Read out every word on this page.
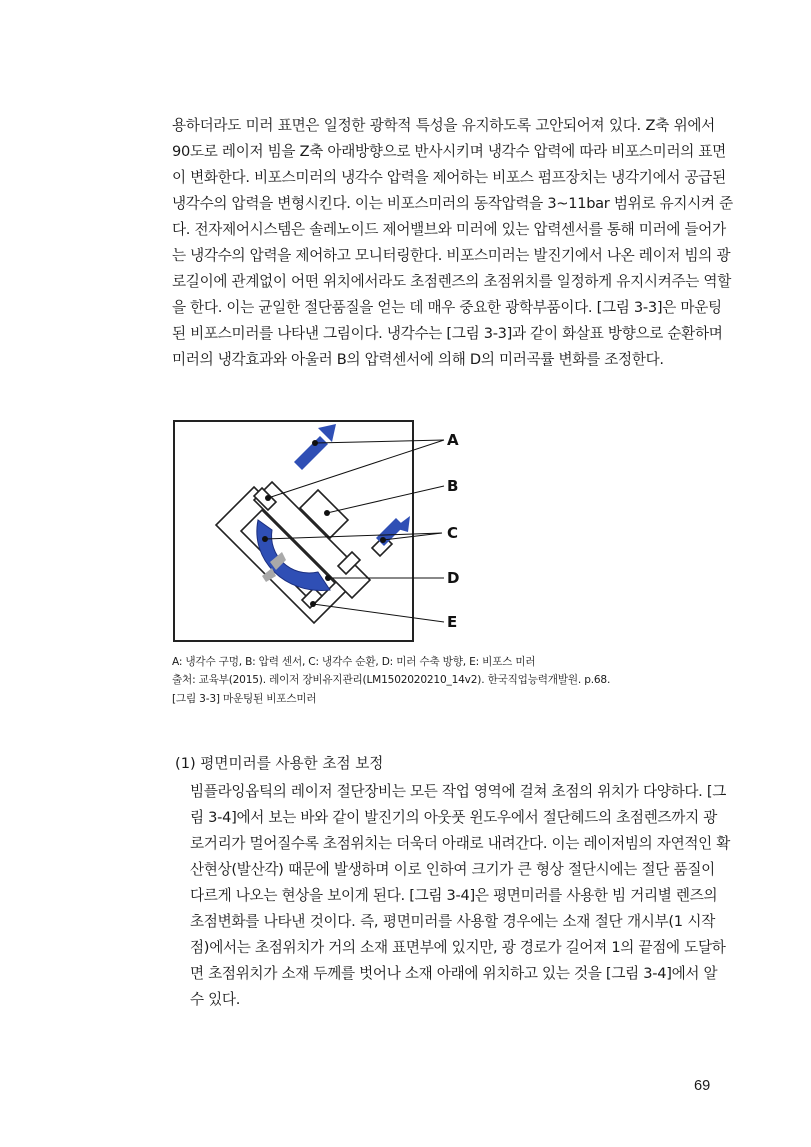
용하더라도 미러 표면은 일정한 광학적 특성을 유지하도록 고안되어져 있다. Z축 위에서
90도로 레이저 빔을 Z축 아래방향으로 반사시키며 냉각수 압력에 따라 비포스미러의 표면
이 변화한다. 비포스미러의 냉각수 압력을 제어하는 비포스 펌프장치는 냉각기에서 공급된
냉각수의 압력을 변형시킨다. 이는 비포스미러의 동작압력을 3~11bar 범위로 유지시켜 준
다. 전자제어시스템은 솔레노이드 제어밸브와 미러에 있는 압력센서를 통해 미러에 들어가
는 냉각수의 압력을 제어하고 모니터링한다. 비포스미러는 발진기에서 나온 레이저 빔의 광
로길이에 관계없이 어떤 위치에서라도 초점렌즈의 초점위치를 일정하게 유지시켜주는 역할
을 한다. 이는 균일한 절단품질을 얻는 데 매우 중요한 광학부품이다. [그림 3-3]은 마운팅
된 비포스미러를 나타낸 그림이다. 냉각수는 [그림 3-3]과 같이 화살표 방향으로 순환하며
미러의 냉각효과와 아울러 B의 압력센서에 의해 D의 미러곡률 변화를 조정한다.
A
B
C
D
E
A: 냉각수 구멍, B: 압력 센서, C: 냉각수 순환, D: 미러 수축 방향, E: 비포스 미러
출처: 교육부(2015). 레이저 장비유지관리(LM1502020210_14v2). 한국직업능력개발원. p.68.
[그림 3-3] 마운팅된 비포스미러
(1) 평면미러를 사용한 초점 보정
빔플라잉옵틱의 레이저 절단장비는 모든 작업 영역에 걸쳐 초점의 위치가 다양하다. [그
림 3-4]에서 보는 바와 같이 발진기의 아웃풋 윈도우에서 절단헤드의 초점렌즈까지 광
로거리가 멀어질수록 초점위치는 더욱더 아래로 내려간다. 이는 레이저빔의 자연적인 확
산현상(발산각) 때문에 발생하며 이로 인하여 크기가 큰 형상 절단시에는 절단 품질이
다르게 나오는 현상을 보이게 된다. [그림 3-4]은 평면미러를 사용한 빔 거리별 렌즈의
초점변화를 나타낸 것이다. 즉, 평면미러를 사용할 경우에는 소재 절단 개시부(1 시작
점)에서는 초점위치가 거의 소재 표면부에 있지만, 광 경로가 길어져 1의 끝점에 도달하
면 초점위치가 소재 두께를 벗어나 소재 아래에 위치하고 있는 것을 [그림 3-4]에서 알
수 있다.
69
